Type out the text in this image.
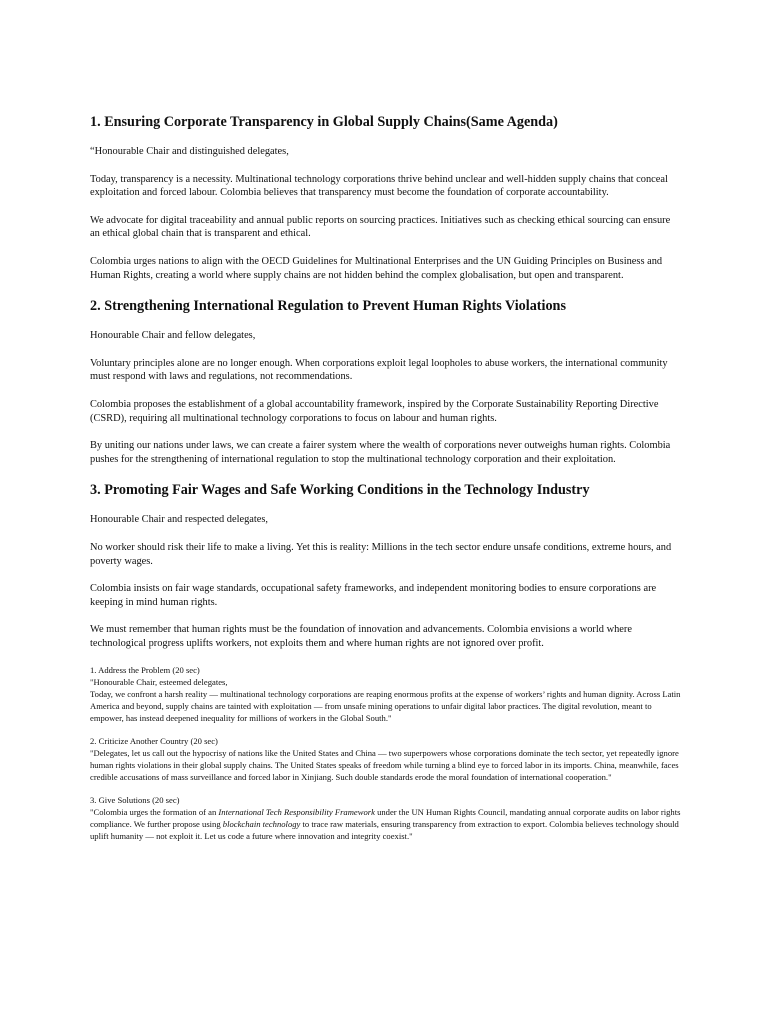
1. Ensuring Corporate Transparency in Global Supply Chains(Same Agenda)

“Honourable Chair and distinguished delegates,

Today, transparency is a necessity. Multinational technology corporations thrive behind unclear and well-hidden supply chains that conceal exploitation and forced labour. Colombia believes that transparency must become the foundation of corporate accountability.

We advocate for digital traceability and annual public reports on sourcing practices. Initiatives such as checking ethical sourcing can ensure an ethical global chain that is transparent and ethical.

Colombia urges nations to align with the OECD Guidelines for Multinational Enterprises and the UN Guiding Principles on Business and Human Rights, creating a world where supply chains are not hidden behind the complex globalisation, but open and transparent.

2. Strengthening International Regulation to Prevent Human Rights Violations

Honourable Chair and fellow delegates,

Voluntary principles alone are no longer enough. When corporations exploit legal loopholes to abuse workers, the international community must respond with laws and regulations, not recommendations.

Colombia proposes the establishment of a global accountability framework, inspired by the Corporate Sustainability Reporting Directive (CSRD), requiring all multinational technology corporations to focus on labour and human rights.

By uniting our nations under laws, we can create a fairer system where the wealth of corporations never outweighs human rights. Colombia pushes for the strengthening of international regulation to stop the multinational technology corporation and their exploitation.

3. Promoting Fair Wages and Safe Working Conditions in the Technology Industry

Honourable Chair and respected delegates,

No worker should risk their life to make a living. Yet this is reality: Millions in the tech sector endure unsafe conditions, extreme hours, and poverty wages.

Colombia insists on fair wage standards, occupational safety frameworks, and independent monitoring bodies to ensure corporations are keeping in mind human rights.

We must remember that human rights must be the foundation of innovation and advancements. Colombia envisions a world where technological progress uplifts workers, not exploits them and where human rights are not ignored over profit.

1. Address the Problem (20 sec)

"Honourable Chair, esteemed delegates,

Today, we confront a harsh reality — multinational technology corporations are reaping enormous profits at the expense of workers’ rights and human dignity. Across Latin America and beyond, supply chains are tainted with exploitation — from unsafe mining operations to unfair digital labor practices. The digital revolution, meant to empower, has instead deepened inequality for millions of workers in the Global South."

2. Criticize Another Country (20 sec)

"Delegates, let us call out the hypocrisy of nations like the United States and China — two superpowers whose corporations dominate the tech sector, yet repeatedly ignore human rights violations in their global supply chains. The United States speaks of freedom while turning a blind eye to forced labor in its imports. China, meanwhile, faces credible accusations of mass surveillance and forced labor in Xinjiang. Such double standards erode the moral foundation of international cooperation."

3. Give Solutions (20 sec)

"Colombia urges the formation of an International Tech Responsibility Framework under the UN Human Rights Council, mandating annual corporate audits on labor rights compliance. We further propose using blockchain technology to trace raw materials, ensuring transparency from extraction to export. Colombia believes technology should uplift humanity — not exploit it. Let us code a future where innovation and integrity coexist."
